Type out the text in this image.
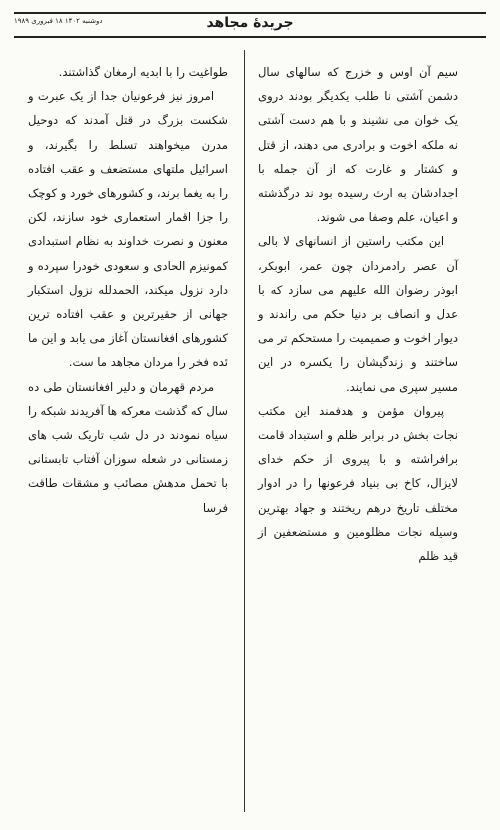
دوشنبه ۱۴۰۲ ۱۸ فبروری ۱۹۸۹	جریدهٔ مجاهد

سیم آن اوس و خزرج که سالهای سال دشمن آشتی نا طلب یکدیگر بودند دروی یک خوان می نشیند و با هم دست آشتی نه ملکه اخوت و برادری می دهند، از قتل و کشتار و غارت که از آن جمله با اجدادشان به ارث رسیده بود ند درگذشته و اعیان، علم وصفا می شوند.

این مکتب راستین از انسانهای لا بالی آن عصر رادمردان چون عمر، ابوبکر، ابوذر رضوان الله علیهم می سازد که با عدل و انصاف بر دنیا حکم می راندند و دیوار اخوت و صمیمیت را مستحکم تر می ساختند و زندگیشان را یکسره در این مسیر سپری می نمایند.

پیروان مؤمن و هدفمند این مکتب نجات بخش در برابر ظلم و استبداد قامت برافراشته و با پیروی از حکم خدای لایزال، کاخ بی بنیاد فرعونها را در ادوار مختلف تاریخ درهم ریختند و جهاد بهترین وسیله نجات مظلومین و مستضعفین از قید ظلم

طواغیت را با ابدیه ارمغان گذاشتند.

امروز نیز فرعونیان جدا از یک عبرت و شکست بزرگ در قتل آمدند که دوحیل مدرن میخواهند تسلط را بگیرند، و اسرائیل ملتهای مستضعف و عقب افتاده را به یغما برند، و کشورهای خورد و کوچک را جزا اقمار استعماری خود سازند، لکن معنون و نصرت خداوند به نظام استبدادی کمونیزم الحادی و سعودی خودرا سپرده و دارد نزول میکند، الحمدلله نزول استکبار جهانی از حقیرترین و عقب افتاده ترین کشورهای افغانستان آغاز می یابد و این ما ئده فخر را مردان مجاهد ما ست.

مردم قهرمان و دلیر افغانستان طی ده سال که گذشت معرکه ها آفریدند شبکه را سیاه نمودند در دل شب تاریک شب های زمستانی در شعله سوزان آفتاب تابستانی با تحمل مدهش مصائب و مشقات طاقت فرسا
